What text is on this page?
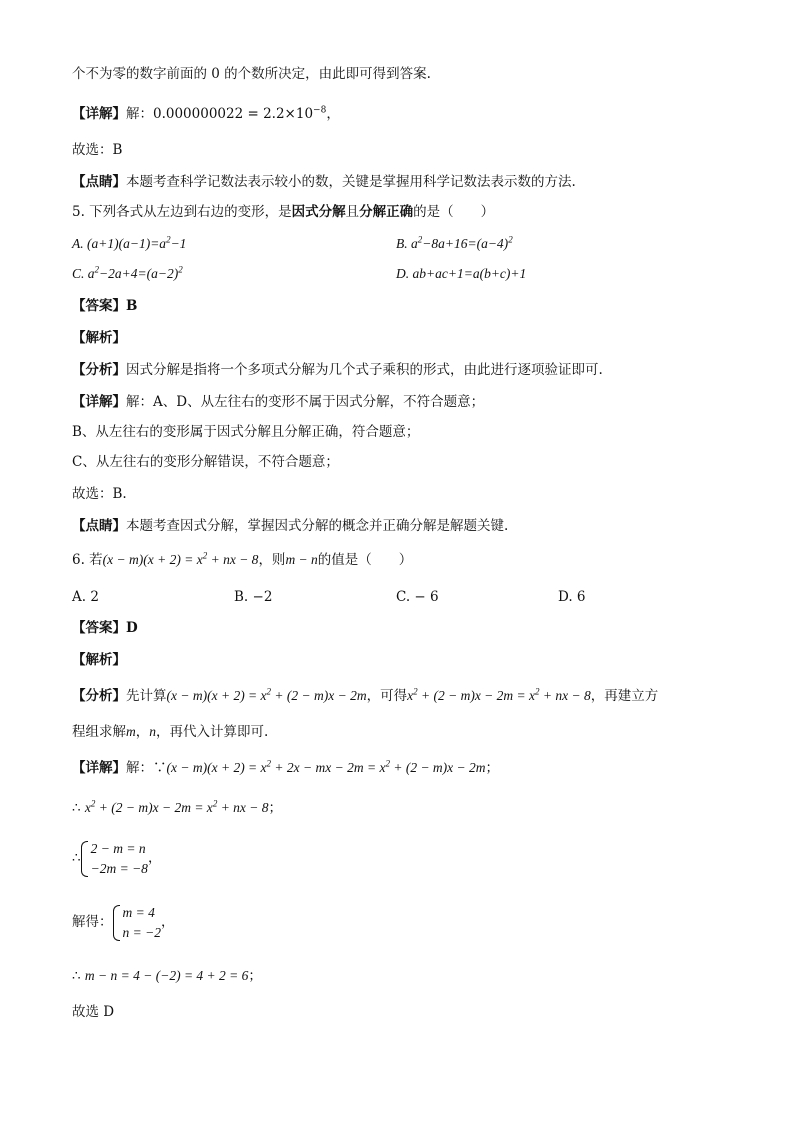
个不为零的数字前面的 0 的个数所决定，由此即可得到答案.
【详解】解：$0.000000022 = 2.2\times 10^{-8}$，
故选：B
【点睛】本题考查科学记数法表示较小的数，关键是掌握用科学记数法表示数的方法.
5. 下列各式从左边到右边的变形，是因式分解且分解正确的是（　　）
A. $(a+1)(a-1)=a^2-1$	B. $a^2-8a+16=(a-4)^2$
C. $a^2-2a+4=(a-2)^2$	D. ab+ac+1=a(b+c)+1
【答案】B
【解析】
【分析】因式分解是指将一个多项式分解为几个式子乘积的形式，由此进行逐项验证即可.
【详解】解：A、D、从左往右的变形不属于因式分解，不符合题意；
B、从左往右的变形属于因式分解且分解正确，符合题意；
C、从左往右的变形分解错误，不符合题意；
故选：B.
【点睛】本题考查因式分解，掌握因式分解的概念并正确分解是解题关键.
6. 若$(x - m)(x + 2) = x^2$ + nx − 8，则m − n的值是（　　）
A. 2	B. −2	C. − 6	D. 6
【答案】D
【解析】
【分析】先计算$(x - m)(x + 2) = x^2 + (2 - m)x - 2m$，可得$x^2 + (2 - m)x - 2m = x^2$ + nx − 8，再建立方
程组求解m，n，再代入计算即可.
【详解】解：∵(x − $m)(x + 2) = x^2 + 2x$ − mx − $2m = x^2 + (2 - m)x - 2m$；
∴ $x^2 + (2 - m)x - 2m = x^2$ + nx − 8；
∴
2 − m = n
−2m = −8
，
解得：
m = 4
n = −2
，
∴ m − n = 4 − (−2) = 4 + 2 = 6；
故选 D
